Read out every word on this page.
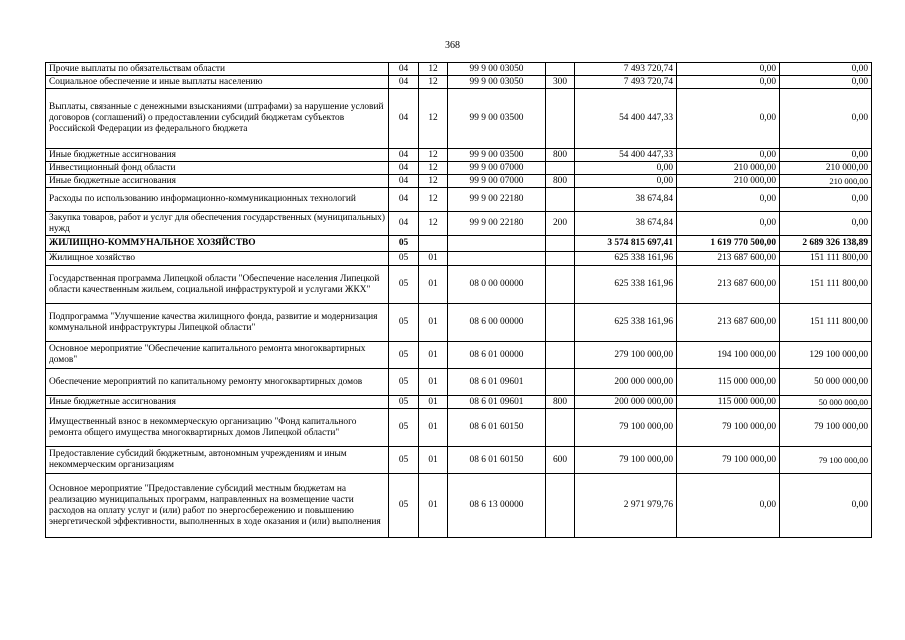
368
Прочие выплаты по обязательствам области	04	12	99 9 00 03050		7 493 720,74	0,00	0,00
Социальное обеспечение и иные выплаты населению	04	12	99 9 00 03050	300	7 493 720,74	0,00	0,00
Выплаты, связанные с денежными взысканиями (штрафами) за нарушение условий договоров (соглашений) о предоставлении субсидий бюджетам субъектов Российской Федерации из федерального бюджета	04	12	99 9 00 03500		54 400 447,33	0,00	0,00
Иные бюджетные ассигнования	04	12	99 9 00 03500	800	54 400 447,33	0,00	0,00
Инвестиционный фонд области	04	12	99 9 00 07000		0,00	210 000,00	210 000,00
Иные бюджетные ассигнования	04	12	99 9 00 07000	800	0,00	210 000,00	210 000,00
Расходы по использованию информационно-коммуникационных технологий	04	12	99 9 00 22180		38 674,84	0,00	0,00
Закупка товаров, работ и услуг для обеспечения государственных (муниципальных) нужд	04	12	99 9 00 22180	200	38 674,84	0,00	0,00
ЖИЛИЩНО-КОММУНАЛЬНОЕ ХОЗЯЙСТВО	05				3 574 815 697,41	1 619 770 500,00	2 689 326 138,89
Жилищное хозяйство	05	01			625 338 161,96	213 687 600,00	151 111 800,00
Государственная программа Липецкой области "Обеспечение населения Липецкой области качественным жильем, социальной инфраструктурой и услугами ЖКХ"	05	01	08 0 00 00000		625 338 161,96	213 687 600,00	151 111 800,00
Подпрограмма "Улучшение качества жилищного фонда, развитие и модернизация коммунальной инфраструктуры Липецкой области"	05	01	08 6 00 00000		625 338 161,96	213 687 600,00	151 111 800,00
Основное мероприятие "Обеспечение капитального ремонта многоквартирных домов"	05	01	08 6 01 00000		279 100 000,00	194 100 000,00	129 100 000,00
Обеспечение мероприятий по капитальному ремонту многоквартирных домов	05	01	08 6 01 09601		200 000 000,00	115 000 000,00	50 000 000,00
Иные бюджетные ассигнования	05	01	08 6 01 09601	800	200 000 000,00	115 000 000,00	50 000 000,00
Имущественный взнос в некоммерческую организацию "Фонд капитального ремонта общего имущества многоквартирных домов Липецкой области"	05	01	08 6 01 60150		79 100 000,00	79 100 000,00	79 100 000,00
Предоставление субсидий бюджетным, автономным учреждениям и иным некоммерческим организациям	05	01	08 6 01 60150	600	79 100 000,00	79 100 000,00	79 100 000,00
Основное мероприятие "Предоставление субсидий местным бюджетам на реализацию муниципальных программ, направленных на возмещение части расходов на оплату услуг и (или) работ по энергосбережению и повышению энергетической эффективности, выполненных в ходе оказания и (или) выполнения	05	01	08 6 13 00000		2 971 979,76	0,00	0,00
